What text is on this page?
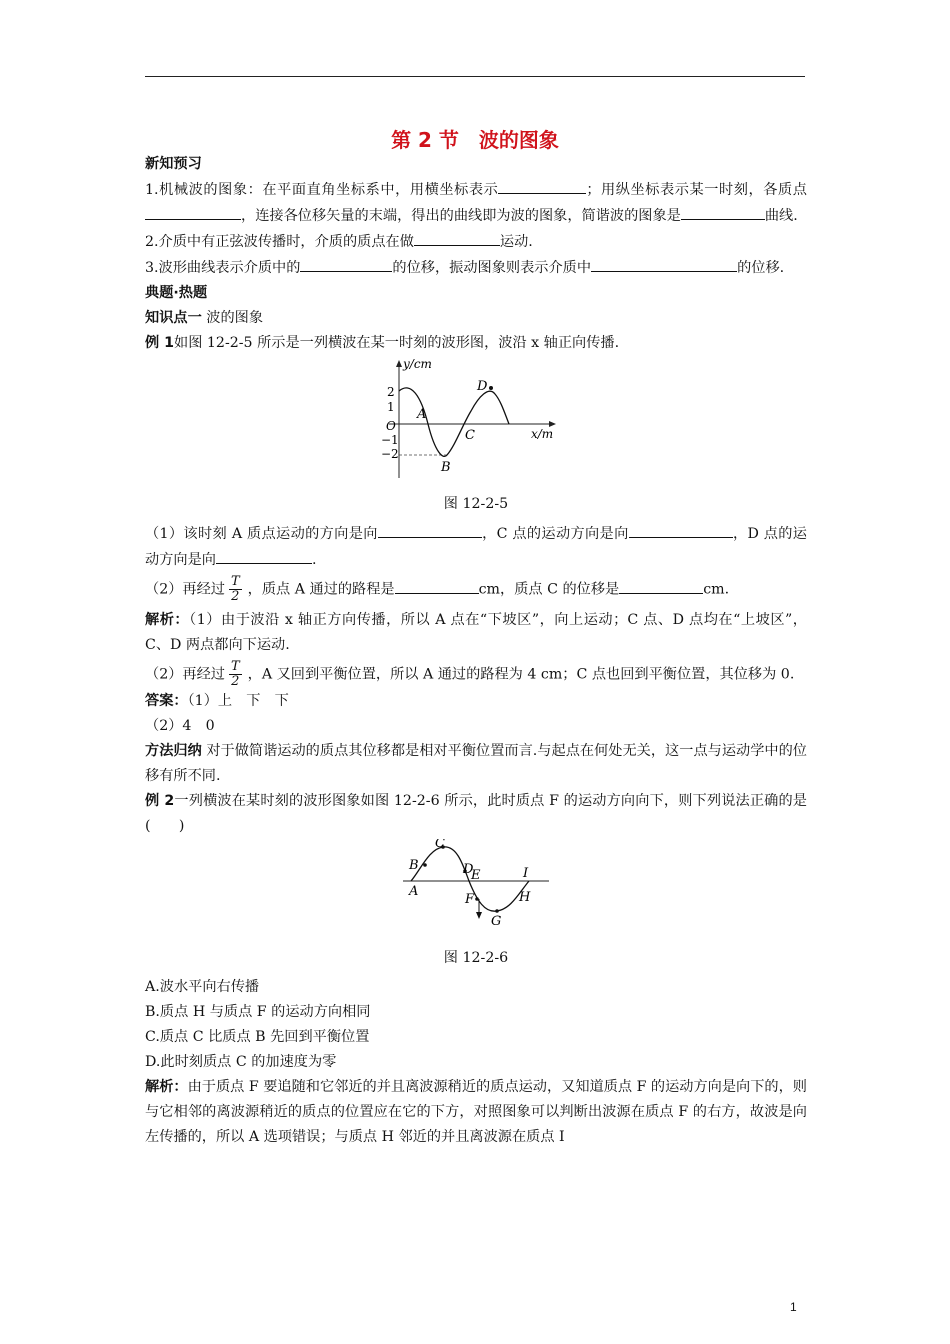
第 2 节　波的图象

新知预习

1.机械波的图象：在平面直角坐标系中，用横坐标表示	；用纵坐标表示某一时刻，各质点，连接各位移矢量的末端，得出的曲线即为波的图象，简谐波的图象是	曲线.

2.介质中有正弦波传播时，介质的质点在做	运动.

3.波形曲线表示介质中的	的位移，振动图象则表示介质中	的位移.

典题·热题

知识点一 波的图象

例 1如图 12-2-5 所示是一列横波在某一时刻的波形图，波沿 x 轴正向传播.

y/cm
x/m
2
1
−1
−2
O
A
B
C
D
图 12-2-5

（1）该时刻 A 质点运动的方向是向	，C 点的运动方向是向	，D 点的运动方向是向	.

（2）再经过 $\frac{T}{2}$ ，质点 A 通过的路程是	cm，质点 C 的位移是	cm.

解析：（1）由于波沿 x 轴正方向传播，所以 A 点在“下坡区”，向上运动；C 点、D 点均在“上坡区”，C、D 两点都向下运动.

（2）再经过 $\frac{T}{2}$ ，A 又回到平衡位置，所以 A 通过的路程为 4 cm；C 点也回到平衡位置，其位移为 0.

答案：（1）上　下　下

（2）4　0

方法归纳 对于做简谐运动的质点其位移都是相对平衡位置而言.与起点在何处无关，这一点与运动学中的位移有所不同.

例 2一列横波在某时刻的波形图象如图 12-2-6 所示，此时质点 F 的运动方向向下，则下列说法正确的是(　　)

A
B
C
D
E
F
G
H
I
图 12-2-6

A.波水平向右传播

B.质点 H 与质点 F 的运动方向相同

C.质点 C 比质点 B 先回到平衡位置

D.此时刻质点 C 的加速度为零

解析：由于质点 F 要追随和它邻近的并且离波源稍近的质点运动，又知道质点 F 的运动方向是向下的，则与它相邻的离波源稍近的质点的位置应在它的下方，对照图象可以判断出波源在质点 F 的右方，故波是向左传播的，所以 A 选项错误；与质点 H 邻近的并且离波源在质点 I

1
